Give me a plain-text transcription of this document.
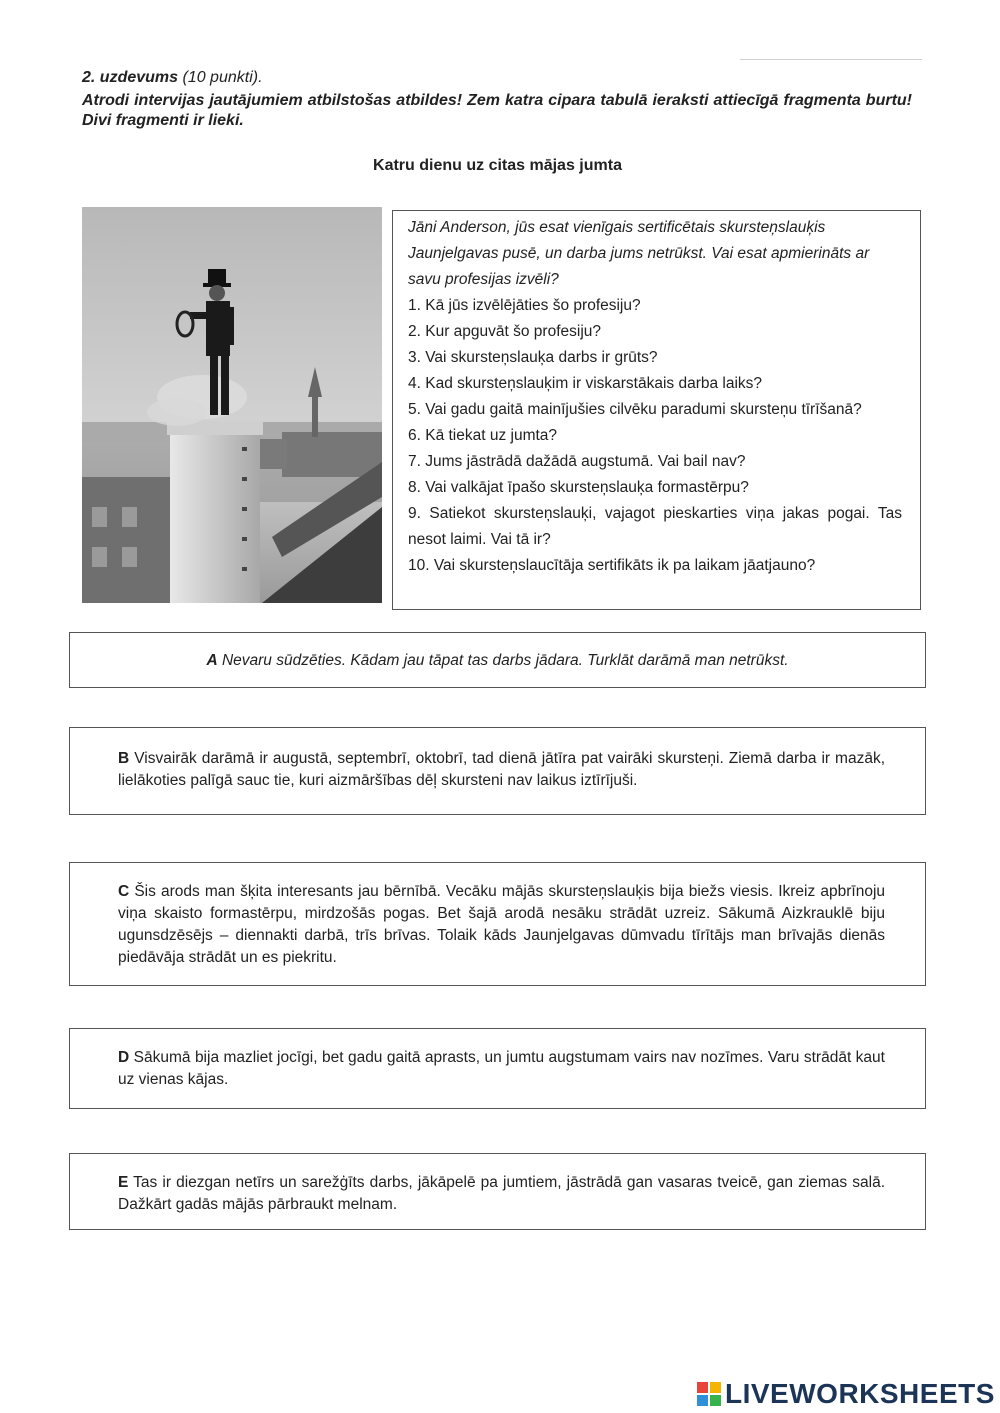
2. uzdevums (10 punkti).
Atrodi intervijas jautājumiem atbilstošas atbildes! Zem katra cipara tabulā ieraksti attiecīgā fragmenta burtu! Divi fragmenti ir lieki.
Katru dienu uz citas mājas jumta
Jāni Anderson, jūs esat vienīgais sertificētais skursteņslauķis Jaunjelgavas pusē, un darba jums netrūkst. Vai esat apmierināts ar savu profesijas izvēli?
1. Kā jūs izvēlējāties šo profesiju?
2. Kur apguvāt šo profesiju?
3. Vai skursteņslauķa darbs ir grūts?
4. Kad skursteņslauķim ir viskarstākais darba laiks?
5. Vai gadu gaitā mainījušies cilvēku paradumi skursteņu tīrīšanā?
6. Kā tiekat uz jumta?
7. Jums jāstrādā dažādā augstumā. Vai bail nav?
8. Vai valkājat īpašo skursteņslauķa formastērpu?
9. Satiekot skursteņslauķi, vajagot pieskarties viņa jakas pogai. Tas nesot laimi. Vai tā ir?
10. Vai skursteņslaucītāja sertifikāts ik pa laikam jāatjauno?
A Nevaru sūdzēties. Kādam jau tāpat tas darbs jādara. Turklāt darāmā man netrūkst.
B Visvairāk darāmā ir augustā, septembrī, oktobrī, tad dienā jātīra pat vairāki skursteņi. Ziemā darba ir mazāk, lielākoties palīgā sauc tie, kuri aizmāršības dēļ skursteni nav laikus iztīrījuši.
C Šis arods man šķita interesants jau bērnībā. Vecāku mājās skursteņslauķis bija biežs viesis. Ikreiz apbrīnoju viņa skaisto formastērpu, mirdzošās pogas. Bet šajā arodā nesāku strādāt uzreiz. Sākumā Aizkrauklē biju ugunsdzēsējs – diennakti darbā, trīs brīvas. Tolaik kāds Jaunjelgavas dūmvadu tīrītājs man brīvajās dienās piedāvāja strādāt un es piekritu.
D Sākumā bija mazliet jocīgi, bet gadu gaitā aprasts, un jumtu augstumam vairs nav nozīmes. Varu strādāt kaut uz vienas kājas.
E Tas ir diezgan netīrs un sarežģīts darbs, jākāpelē pa jumtiem, jāstrādā gan vasaras tveicē, gan ziemas salā. Dažkārt gadās mājās pārbraukt melnam.
LIVEWORKSHEETS
